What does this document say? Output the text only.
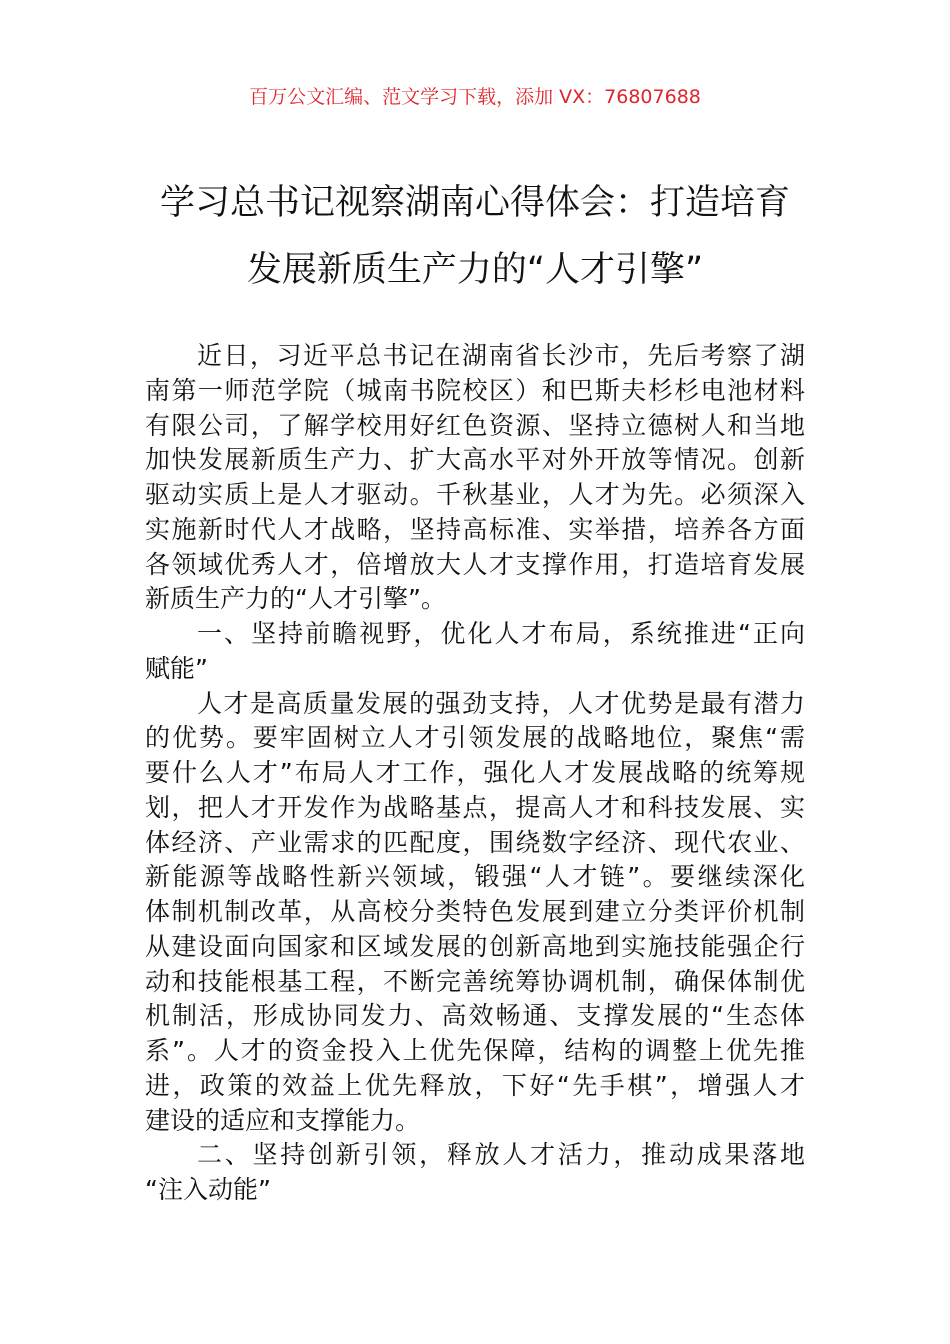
百万公文汇编、范文学习下载，添加 VX：76807688
学习总书记视察湖南心得体会：打造培育
发展新质生产力的“人才引擎”
近日，习近平总书记在湖南省长沙市，先后考察了湖
南第一师范学院（城南书院校区）和巴斯夫杉杉电池材料
有限公司，了解学校用好红色资源、坚持立德树人和当地
加快发展新质生产力、扩大高水平对外开放等情况。创新
驱动实质上是人才驱动。千秋基业，人才为先。必须深入
实施新时代人才战略，坚持高标准、实举措，培养各方面
各领域优秀人才，倍增放大人才支撑作用，打造培育发展
新质生产力的“人才引擎”。
一、坚持前瞻视野，优化人才布局，系统推进“正向
赋能”
人才是高质量发展的强劲支持，人才优势是最有潜力
的优势。要牢固树立人才引领发展的战略地位，聚焦“需
要什么人才”布局人才工作，强化人才发展战略的统筹规
划，把人才开发作为战略基点，提高人才和科技发展、实
体经济、产业需求的匹配度，围绕数字经济、现代农业、
新能源等战略性新兴领域，锻强“人才链”。要继续深化
体制机制改革，从高校分类特色发展到建立分类评价机制
从建设面向国家和区域发展的创新高地到实施技能强企行
动和技能根基工程，不断完善统筹协调机制，确保体制优
机制活，形成协同发力、高效畅通、支撑发展的“生态体
系”。人才的资金投入上优先保障，结构的调整上优先推
进，政策的效益上优先释放，下好“先手棋”，增强人才
建设的适应和支撑能力。
二、坚持创新引领，释放人才活力，推动成果落地
“注入动能”
